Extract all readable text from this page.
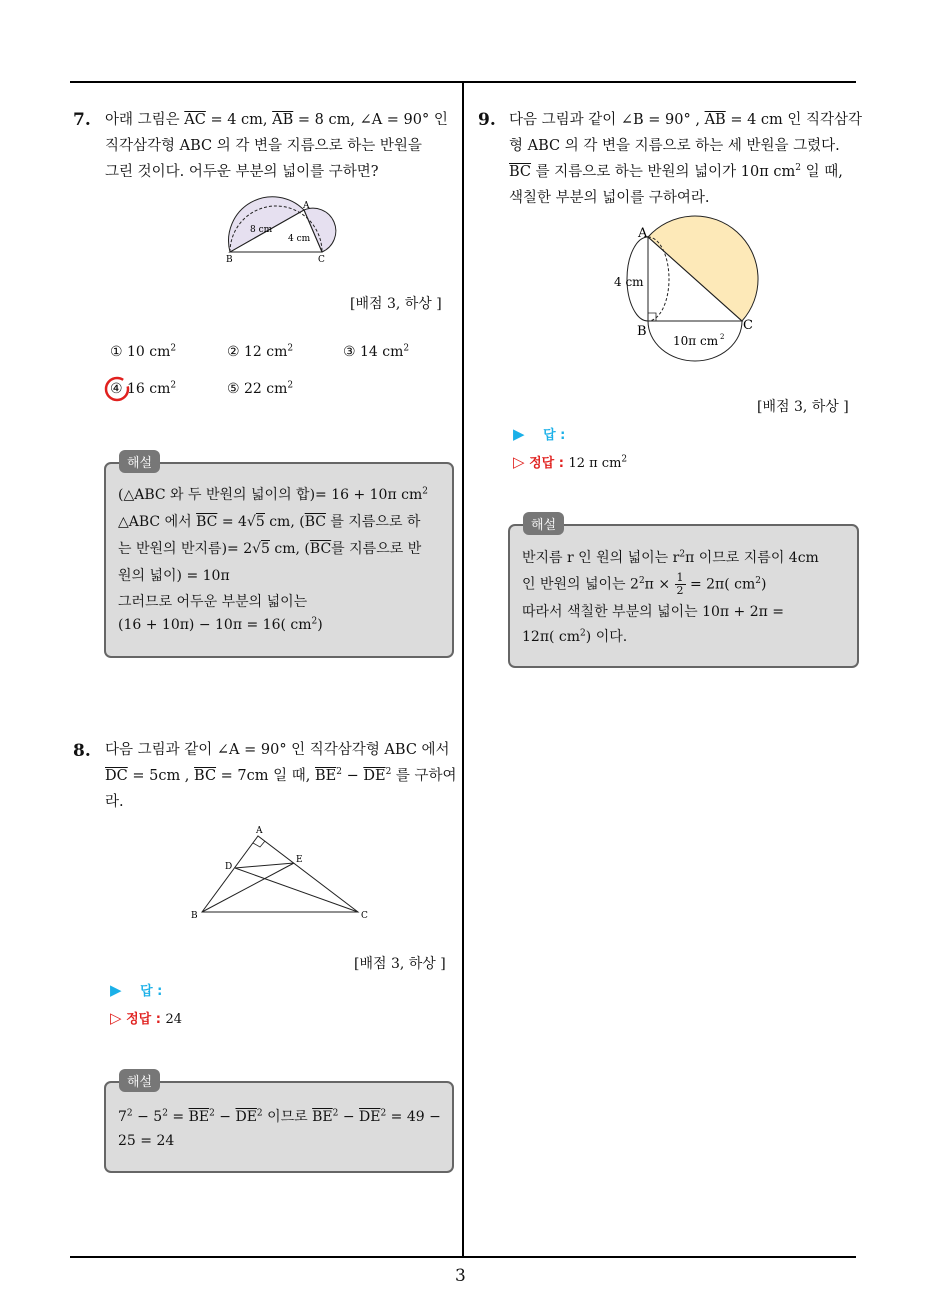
3
7. 아래 그림은 $\overline{AC} = 4$ cm, $\overline{AB} = 8$ cm, ∠A = 90° 인
직각삼각형 ABC 의 각 변을 지름으로 하는 반원을
그린 것이다. 어두운 부분의 넓이를 구하면?
A
B	C
8 cm
4 cm
[배점 3, 하상 ]
① 10 $cm^2$	② 12 $cm^2$	③ 14 $cm^2$
④ 16 $cm^2$	⑤ 22 $cm^2$
해설
(△ABC 와 두 반원의 넓이의 합)= 16 + 10π $cm^2$
△ABC 에서 $\overline{BC} = 4√5$ cm, ($\overline{BC}$ 를 지름으로 하
는 반원의 반지름)= 2√5 cm, ($\overline{BC}$를 지름으로 반
원의 넓이) = 10π
그러므로 어두운 부분의 넓이는
(16 + 10π) − 10π = 16( $cm^2$)
8. 다음 그림과 같이 ∠A = 90° 인 직각삼각형 ABC 에서
$\overline{DC} = 5cm$ , $\overline{BC} = 7cm$ 일 때, $\overline{BE}^2 - \overline{DE}^2$ 를 구하여
라.
A
B	C
D
E
[배점 3, 하상 ]
▶ 답 :
▷ 정답 : 24
해설
$7^2 - 5^2 = \overline{BE}^2 - \overline{DE}^2$ 이므로 $\overline{BE}^2 - \overline{DE}^2 = 49$ −
25 = 24
9. 다음 그림과 같이 ∠B = 90° , $\overline{AB} = 4$ cm 인 직각삼각
형 ABC 의 각 변을 지름으로 하는 세 반원을 그렸다.
$\overline{BC}$ 를 지름으로 하는 반원의 넓이가 10π $cm^2$ 일 때,
색칠한 부분의 넓이를 구하여라.
A
B	C
4 cm
10π cm 2
[배점 3, 하상 ]
▶ 답 :
▷ 정답 : 12 π $cm^2$
해설
반지름 r 인 원의 넓이는 $r^2\pi$ 이므로 지름이 4cm
인 반원의 넓이는 $2^2\pi \times \frac{1}{2} = 2\pi$( $cm^2$)
따라서 색칠한 부분의 넓이는 10π + 2π =
12π( $cm^2$) 이다.
